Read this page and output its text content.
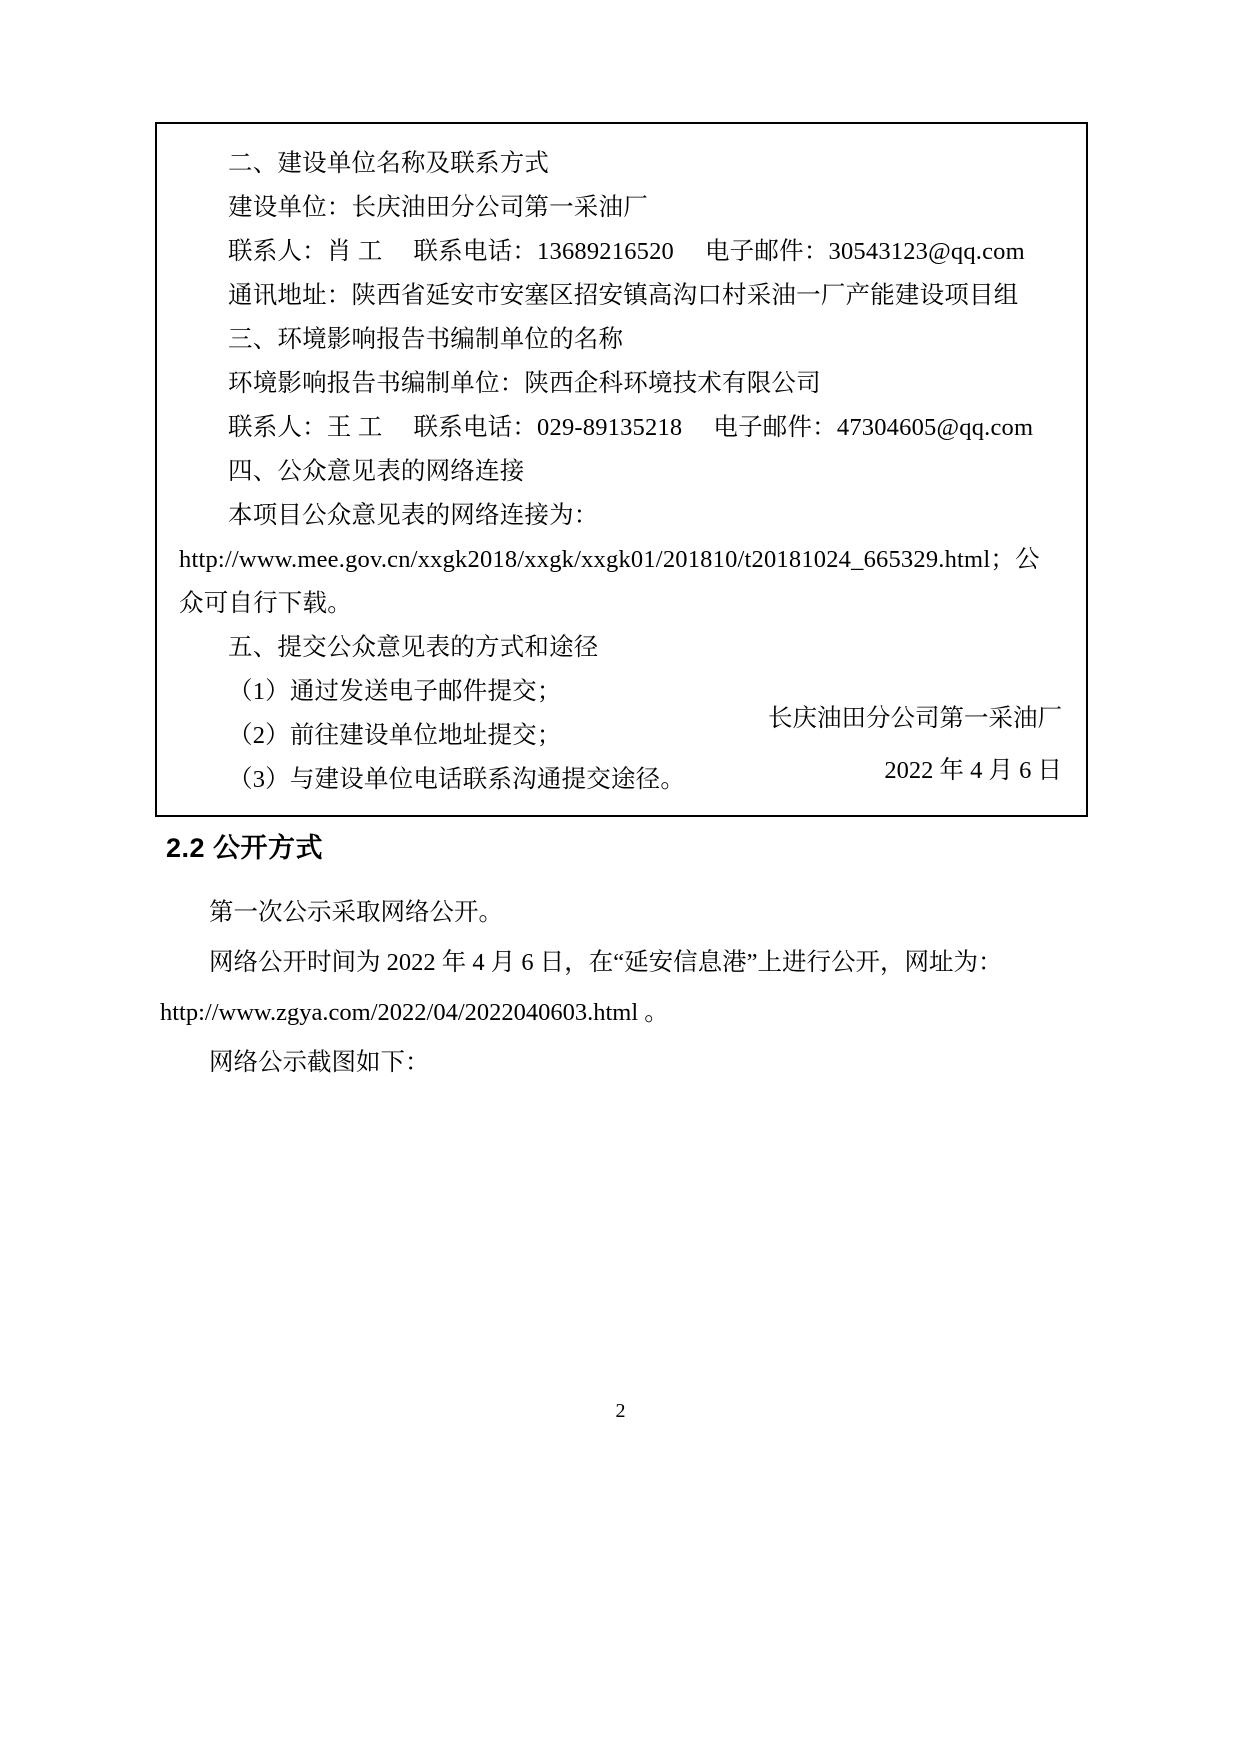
二、建设单位名称及联系方式
建设单位：长庆油田分公司第一采油厂
联系人：肖 工　 联系电话：13689216520　 电子邮件：30543123@qq.com
通讯地址：陕西省延安市安塞区招安镇高沟口村采油一厂产能建设项目组
三、环境影响报告书编制单位的名称
环境影响报告书编制单位：陕西企科环境技术有限公司
联系人：王 工　 联系电话：029-89135218　 电子邮件：47304605@qq.com
四、公众意见表的网络连接
本项目公众意见表的网络连接为：http://www.mee.gov.cn/xxgk2018/xxgk/xxgk01/201810/t20181024_665329.html；公众可自行下载。
五、提交公众意见表的方式和途径
（1）通过发送电子邮件提交；
（2）前往建设单位地址提交；
（3）与建设单位电话联系沟通提交途径。
长庆油田分公司第一采油厂
2022 年 4 月 6 日
2.2 公开方式
第一次公示采取网络公开。
网络公开时间为 2022 年 4 月 6 日，在“延安信息港”上进行公开，网址为：http://www.zgya.com/2022/04/2022040603.html 。
网络公示截图如下：
2
